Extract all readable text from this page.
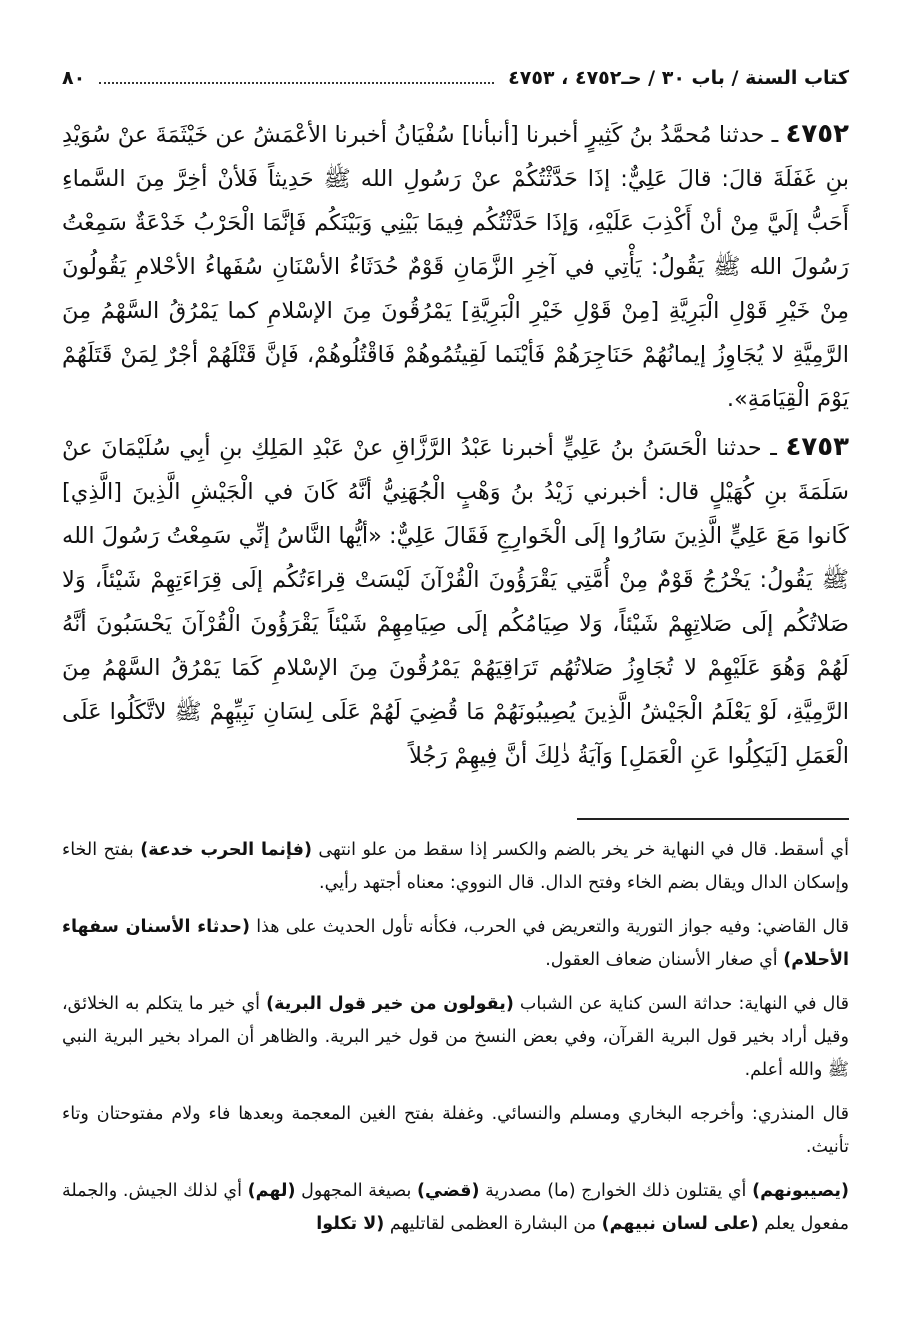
كتاب السنة / باب ٣٠ / حـ٤٧٥٢ ، ٤٧٥٣
٨٠

٤٧٥٢ ـ حدثنا مُحمَّدُ بنُ كَثِيرٍ أخبرنا [أنبأنا] سُفْيَانُ أخبرنا الأعْمَشُ عن خَيْثَمَةَ عنْ سُوَيْدِ بنِ غَفَلَةَ قالَ: قالَ عَلِيٌّ: إذَا حَدَّثْتُكُمْ عنْ رَسُولِ الله ﷺ حَدِيثاً فَلأنْ أخِرَّ مِنَ السَّماءِ أَحَبُّ إلَيَّ مِنْ أنْ أَكْذِبَ عَلَيْهِ، وَإذَا حَدَّثْتُكُم فِيمَا بَيْنِي وَبَيْنَكُم فَإنَّمَا الْحَرْبُ خَدْعَةٌ سَمِعْتُ رَسُولَ الله ﷺ يَقُولُ: يَأْتِي في آخِرِ الزَّمَانِ قَوْمٌ حُدَثَاءُ الأسْنَانِ سُفَهاءُ الأحْلامِ يَقُولُونَ مِنْ خَيْرِ قَوْلِ الْبَرِيَّةِ [مِنْ قَوْلِ خَيْرِ الْبَرِيَّةِ] يَمْرُقُونَ مِنَ الإسْلامِ كما يَمْرُقُ السَّهْمُ مِنَ الرَّمِيَّةِ لا يُجَاوِزُ إيمانُهُمْ حَنَاجِرَهُمْ فَأيْنَما لَقِيتُمُوهُمْ فَاقْتُلُوهُمْ، فَإنَّ قَتْلَهُمْ أجْرٌ لِمَنْ قَتَلَهُمْ يَوْمَ الْقِيَامَةِ».

٤٧٥٣ ـ حدثنا الْحَسَنُ بنُ عَلِيٍّ أخبرنا عَبْدُ الرَّزَّاقِ عنْ عَبْدِ المَلِكِ بنِ أبِي سُلَيْمَانَ عنْ سَلَمَةَ بنِ كُهَيْلٍ قال: أخبرني زَيْدُ بنُ وَهْبٍ الْجُهَنِيُّ أنَّهُ كَانَ في الْجَيْشِ الَّذِينَ [الَّذِي] كَانوا مَعَ عَلِيٍّ الَّذِينَ سَارُوا إلَى الْخَوارِجِ فَقَالَ عَلِيٌّ: «أيُّها النَّاسُ إنِّي سَمِعْتُ رَسُولَ الله ﷺ يَقُولُ: يَخْرُجُ قَوْمٌ مِنْ أُمَّتِي يَقْرَؤُونَ الْقُرْآنَ لَيْسَتْ قِراءَتُكُم إلَى قِرَاءَتِهِمْ شَيْئاً، وَلا صَلاتُكُم إلَى صَلاتِهِمْ شَيْئاً، وَلا صِيَامُكُم إلَى صِيَامِهِمْ شَيْئاً يَقْرَؤُونَ الْقُرْآنَ يَحْسَبُونَ أنَّهُ لَهُمْ وَهُوَ عَلَيْهِمْ لا تُجَاوِزُ صَلاتُهُم تَرَاقِيَهُمْ يَمْرُقُونَ مِنَ الإسْلامِ كَمَا يَمْرُقُ السَّهْمُ مِنَ الرَّمِيَّةِ، لَوْ يَعْلَمُ الْجَيْشُ الَّذِينَ يُصِيبُونَهُمْ مَا قُضِيَ لَهُمْ عَلَى لِسَانِ نَبِيِّهِمْ ﷺ لاتَّكَلُوا عَلَى الْعَمَلِ [لَيَكِلُوا عَنِ الْعَمَلِ] وَآيَةُ ذٰلِكَ أنَّ فِيهِمْ رَجُلاً

أي أسقط. قال في النهاية خر يخر بالضم والكسر إذا سقط من علو انتهى (فإنما الحرب خدعة) بفتح الخاء وإسكان الدال ويقال بضم الخاء وفتح الدال. قال النووي: معناه أجتهد رأيي.

قال القاضي: وفيه جواز التورية والتعريض في الحرب، فكأنه تأول الحديث على هذا (حدثاء الأسنان سفهاء الأحلام) أي صغار الأسنان ضعاف العقول.

قال في النهاية: حداثة السن كناية عن الشباب (يقولون من خير قول البرية) أي خير ما يتكلم به الخلائق، وقيل أراد بخير قول البرية القرآن، وفي بعض النسخ من قول خير البرية. والظاهر أن المراد بخير البرية النبي ﷺ والله أعلم.

قال المنذري: وأخرجه البخاري ومسلم والنسائي. وغفلة بفتح الغين المعجمة وبعدها فاء ولام مفتوحتان وتاء تأنيث.

(يصيبونهم) أي يقتلون ذلك الخوارج (ما) مصدرية (قضي) بصيغة المجهول (لهم) أي لذلك الجيش. والجملة مفعول يعلم (على لسان نبيهم) من البشارة العظمى لقاتليهم (لا تكلوا
